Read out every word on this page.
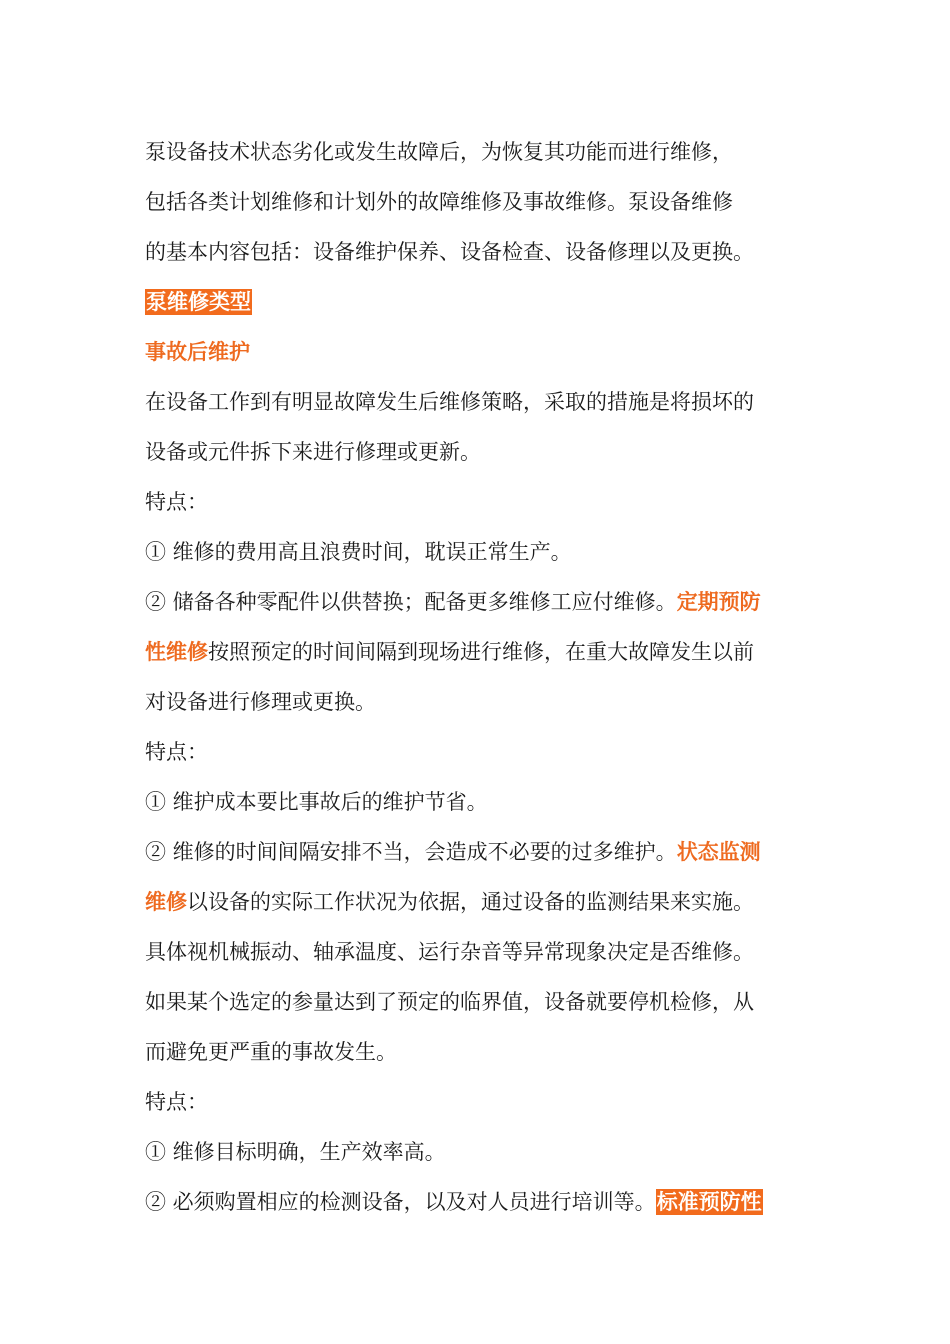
泵设备技术状态劣化或发生故障后，为恢复其功能而进行维修，
包括各类计划维修和计划外的故障维修及事故维修。泵设备维修
的基本内容包括：设备维护保养、设备检查、设备修理以及更换。
泵维修类型
事故后维护
在设备工作到有明显故障发生后维修策略，采取的措施是将损坏的
设备或元件拆下来进行修理或更新。
特点：
① 维修的费用高且浪费时间，耽误正常生产。
② 储备各种零配件以供替换；配备更多维修工应付维修。定期预防
性维修按照预定的时间间隔到现场进行维修，在重大故障发生以前
对设备进行修理或更换。
特点：
① 维护成本要比事故后的维护节省。
② 维修的时间间隔安排不当，会造成不必要的过多维护。状态监测
维修以设备的实际工作状况为依据，通过设备的监测结果来实施。
具体视机械振动、轴承温度、运行杂音等异常现象决定是否维修。
如果某个选定的参量达到了预定的临界值，设备就要停机检修，从
而避免更严重的事故发生。
特点：
① 维修目标明确，生产效率高。
② 必须购置相应的检测设备，以及对人员进行培训等。标准预防性
